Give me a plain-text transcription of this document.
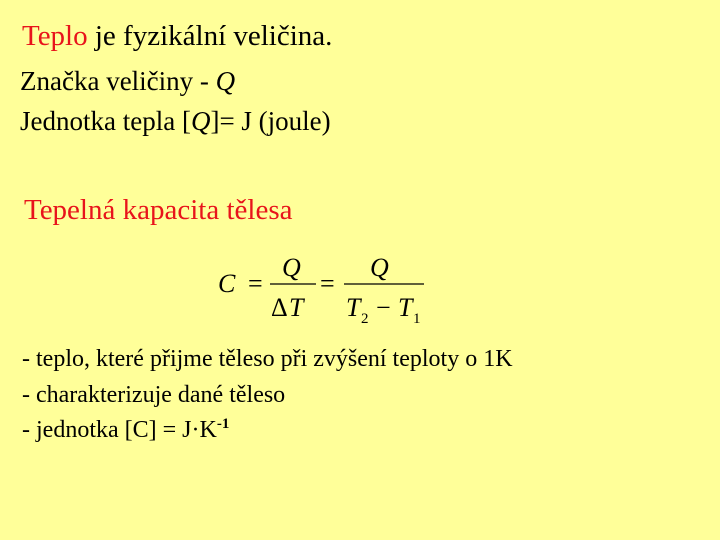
Teplo je fyzikální veličina.
Značka veličiny - Q
Jednotka tepla [Q]= J (joule)
Tepelná kapacita tělesa
C =
Q
Δ T
=
Q
T 2 − T 1
- teplo, které přijme těleso při zvýšení teploty o 1K
- charakterizuje dané těleso
- jednotka $[C] = J\cdot K^{-1}$
